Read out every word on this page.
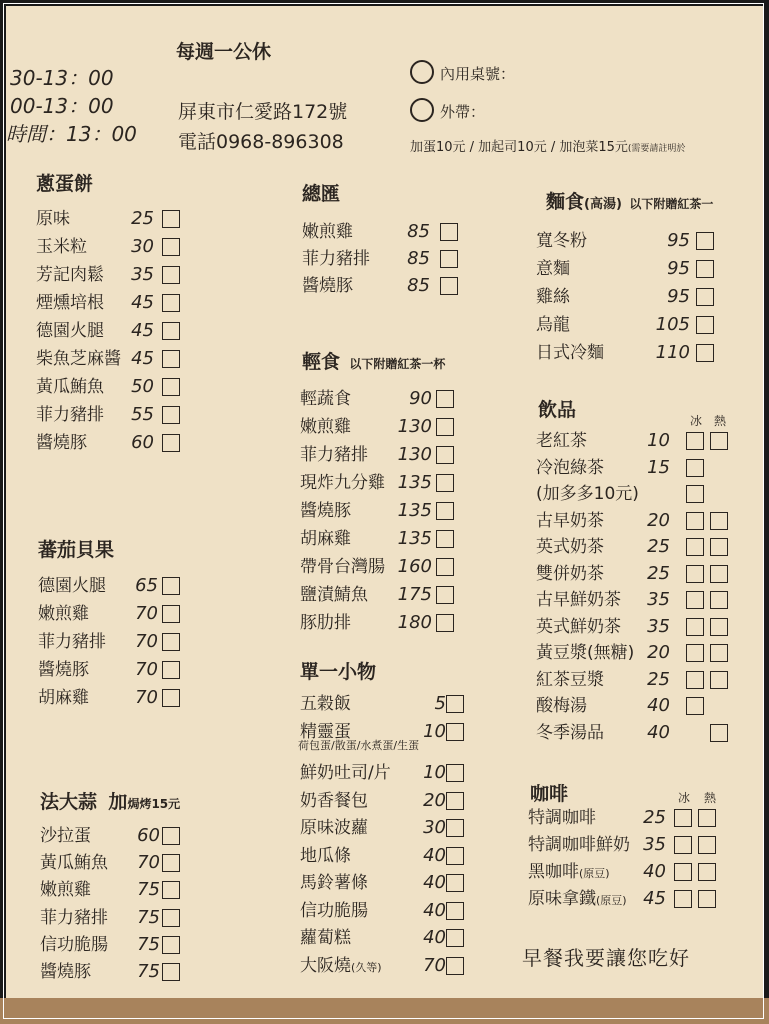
每週一公休
30-13：00
00-13：00
時間：13：00
屏東市仁愛路172號
電話0968-896308
內用桌號：
外帶：
加蛋10元 / 加起司10元 / 加泡菜15元(需要請註明於
蔥蛋餅
原味	25
玉米粒	30
芳記肉鬆	35
煙燻培根	45
德園火腿	45
柴魚芝麻醬 45
黃瓜鮪魚	50
菲力豬排	55
醬燒豚	60
蕃茄貝果
德園火腿	65
嫩煎雞	70
菲力豬排	70
醬燒豚	70
胡麻雞	70
法大蒜 加焗烤15元
沙拉蛋	60
黃瓜鮪魚	70
嫩煎雞	75
菲力豬排	75
信功脆腸	75
醬燒豚	75
總匯
嫩煎雞	85
菲力豬排	85
醬燒豚	85
輕食 以下附贈紅茶一杯
輕蔬食	90
嫩煎雞	130
菲力豬排	130
現炸九分雞 135
醬燒豚	135
胡麻雞	135
帶骨台灣腸 160
鹽漬鯖魚	175
豚肋排	180
單一小物
五穀飯	5
精靈蛋	10
鮮奶吐司/片	10
奶香餐包	20
原味波蘿	30
地瓜條	40
馬鈴薯條	40
信功脆腸	40
蘿蔔糕	40
大阪燒(久等)	70
荷包蛋/散蛋/水煮蛋/生蛋
麵食(高湯) 以下附贈紅茶一
寬冬粉	95
意麵	95
雞絲	95
烏龍	105
日式冷麵	110
飲品	冰 熱
老紅茶	10
冷泡綠茶	15
(加多多10元)
古早奶茶	20
英式奶茶	25
雙併奶茶	25
古早鮮奶茶	35
英式鮮奶茶	35
黃豆漿(無糖) 20
紅茶豆漿	25
酸梅湯	40
冬季湯品	40
咖啡	冰 熱
特調咖啡	25
特調咖啡鮮奶 35
黑咖啡(原豆)	40
原味拿鐵(原豆) 45
早餐我要讓您吃好
